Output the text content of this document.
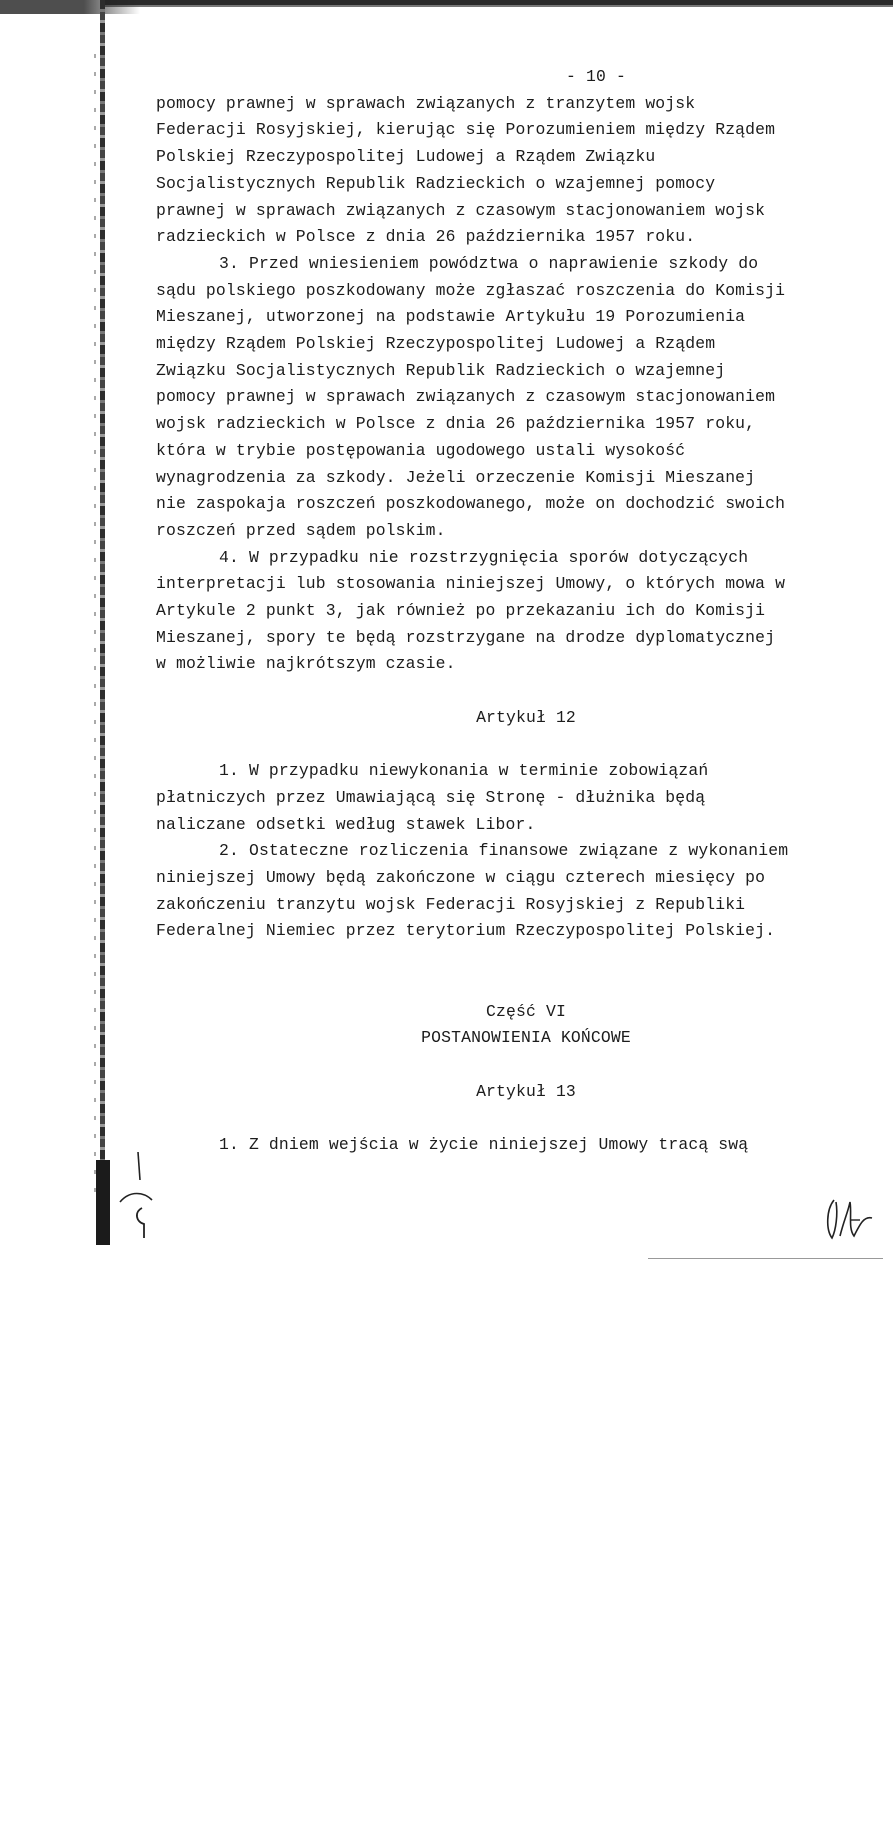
- 10 -

pomocy prawnej w sprawach związanych z tranzytem wojsk

Federacji Rosyjskiej, kierując się Porozumieniem między Rządem

Polskiej Rzeczypospolitej Ludowej a Rządem Związku

Socjalistycznych Republik Radzieckich o wzajemnej pomocy

prawnej w sprawach związanych z czasowym stacjonowaniem wojsk

radzieckich w Polsce z dnia 26 października 1957 roku.

3. Przed wniesieniem powództwa o naprawienie szkody do

sądu polskiego poszkodowany może zgłaszać roszczenia do Komisji

Mieszanej, utworzonej na podstawie Artykułu 19 Porozumienia

między Rządem Polskiej Rzeczypospolitej Ludowej a Rządem

Związku Socjalistycznych Republik Radzieckich o wzajemnej

pomocy prawnej w sprawach związanych z czasowym stacjonowaniem

wojsk radzieckich w Polsce z dnia 26 października 1957 roku,

która w trybie postępowania ugodowego ustali wysokość

wynagrodzenia za szkody. Jeżeli orzeczenie Komisji Mieszanej

nie zaspokaja roszczeń poszkodowanego, może on dochodzić swoich

roszczeń przed sądem polskim.

4. W przypadku nie rozstrzygnięcia sporów dotyczących

interpretacji lub stosowania niniejszej Umowy, o których mowa w

Artykule 2 punkt 3, jak również po przekazaniu ich do Komisji

Mieszanej, spory te będą rozstrzygane na drodze dyplomatycznej

w możliwie najkrótszym czasie.

Artykuł 12

1. W przypadku niewykonania w terminie zobowiązań

płatniczych przez Umawiającą się Stronę - dłużnika będą

naliczane odsetki według stawek Libor.

2. Ostateczne rozliczenia finansowe związane z wykonaniem

niniejszej Umowy będą zakończone w ciągu czterech miesięcy po

zakończeniu tranzytu wojsk Federacji Rosyjskiej z Republiki

Federalnej Niemiec przez terytorium Rzeczypospolitej Polskiej.

Część VI

POSTANOWIENIA KOŃCOWE

Artykuł 13

1. Z dniem wejścia w życie niniejszej Umowy tracą swą
